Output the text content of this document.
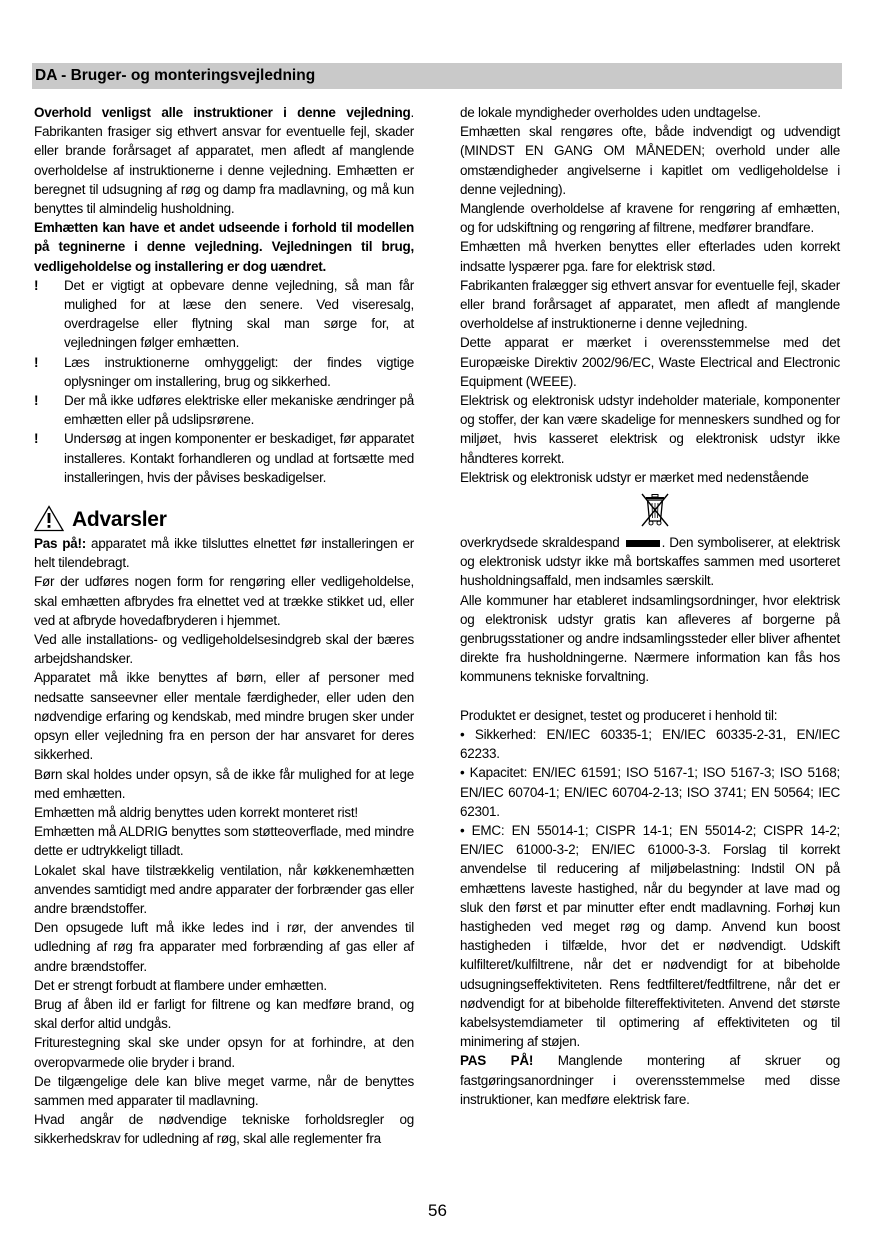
DA - Bruger- og monteringsvejledning

Overhold venligst alle instruktioner i denne vejledning. Fabrikanten frasiger sig ethvert ansvar for eventuelle fejl, skader eller brande forårsaget af apparatet, men afledt af manglende overholdelse af instruktionerne i denne vejledning. Emhætten er beregnet til udsugning af røg og damp fra madlavning, og må kun benyttes til almindelig husholdning.

Emhætten kan have et andet udseende i forhold til modellen på tegninerne i denne vejledning. Vejledningen til brug, vedligeholdelse og installering er dog uændret.

!	Det er vigtigt at opbevare denne vejledning, så man får mulighed for at læse den senere. Ved viseresalg, overdragelse eller flytning skal man sørge for, at vejledningen følger emhætten.
!	Læs instruktionerne omhyggeligt: der findes vigtige oplysninger om installering, brug og sikkerhed.
!	Der må ikke udføres elektriske eller mekaniske ændringer på emhætten eller på udslipsrørene.
!	Undersøg at ingen komponenter er beskadiget, før apparatet installeres. Kontakt forhandleren og undlad at fortsætte med installeringen, hvis der påvises beskadigelser.
Advarsler

Pas på!: apparatet må ikke tilsluttes elnettet før installeringen er helt tilendebragt.

Før der udføres nogen form for rengøring eller vedligeholdelse, skal emhætten afbrydes fra elnettet ved at trække stikket ud, eller ved at afbryde hovedafbryderen i hjemmet.

Ved alle installations- og vedligeholdelsesindgreb skal der bæres arbejdshandsker.

Apparatet må ikke benyttes af børn, eller af personer med nedsatte sanseevner eller mentale færdigheder, eller uden den nødvendige erfaring og kendskab, med mindre brugen sker under opsyn eller vejledning fra en person der har ansvaret for deres sikkerhed.

Børn skal holdes under opsyn, så de ikke får mulighed for at lege med emhætten.

Emhætten må aldrig benyttes uden korrekt monteret rist!

Emhætten må ALDRIG benyttes som støtteoverflade, med mindre dette er udtrykkeligt tilladt.

Lokalet skal have tilstrækkelig ventilation, når køkkenemhætten anvendes samtidigt med andre apparater der forbrænder gas eller andre brændstoffer.

Den opsugede luft må ikke ledes ind i rør, der anvendes til udledning af røg fra apparater med forbrænding af gas eller af andre brændstoffer.

Det er strengt forbudt at flambere under emhætten.

Brug af åben ild er farligt for filtrene og kan medføre brand, og skal derfor altid undgås.

Friturestegning skal ske under opsyn for at forhindre, at den overopvarmede olie bryder i brand.

De tilgængelige dele kan blive meget varme, når de benyttes sammen med apparater til madlavning.

Hvad angår de nødvendige tekniske forholdsregler og sikkerhedskrav for udledning af røg, skal alle reglementer fra

de lokale myndigheder overholdes uden undtagelse.

Emhætten skal rengøres ofte, både indvendigt og udvendigt (MINDST EN GANG OM MÅNEDEN; overhold under alle omstændigheder angivelserne i kapitlet om vedligeholdelse i denne vejledning).

Manglende overholdelse af kravene for rengøring af emhætten, og for udskiftning og rengøring af filtrene, medfører brandfare.

Emhætten må hverken benyttes eller efterlades uden korrekt indsatte lyspærer pga. fare for elektrisk stød.

Fabrikanten fralægger sig ethvert ansvar for eventuelle fejl, skader eller brand forårsaget af apparatet, men afledt af manglende overholdelse af instruktionerne i denne vejledning.

Dette apparat er mærket i overensstemmelse med det Europæiske Direktiv 2002/96/EC, Waste Electrical and Electronic Equipment (WEEE).

Elektrisk og elektronisk udstyr indeholder materiale, komponenter og stoffer, der kan være skadelige for menneskers sundhed og for miljøet, hvis kasseret elektrisk og elektronisk udstyr ikke håndteres korrekt.

Elektrisk og elektronisk udstyr er mærket med nedenstående

overkrydsede skraldespand	. Den symboliserer, at elektrisk og elektronisk udstyr ikke må bortskaffes sammen med usorteret husholdningsaffald, men indsamles særskilt.

Alle kommuner har etableret indsamlingsordninger, hvor elektrisk og elektronisk udstyr gratis kan afleveres af borgerne på genbrugsstationer og andre indsamlingssteder eller bliver afhentet direkte fra husholdningerne. Nærmere information kan fås hos kommunens tekniske forvaltning.

Produktet er designet, testet og produceret i henhold til:

• Sikkerhed: EN/IEC 60335-1; EN/IEC 60335-2-31, EN/IEC 62233.

• Kapacitet: EN/IEC 61591; ISO 5167-1; ISO 5167-3; ISO 5168; EN/IEC 60704-1; EN/IEC 60704-2-13; ISO 3741; EN 50564; IEC 62301.

• EMC: EN 55014-1; CISPR 14-1; EN 55014-2; CISPR 14-2; EN/IEC 61000-3-2; EN/IEC 61000-3-3. Forslag til korrekt anvendelse til reducering af miljøbelastning: Indstil ON på emhættens laveste hastighed, når du begynder at lave mad og sluk den først et par minutter efter endt madlavning. Forhøj kun hastigheden ved meget røg og damp. Anvend kun boost hastigheden i tilfælde, hvor det er nødvendigt. Udskift kulfilteret/kulfiltrene, når det er nødvendigt for at bibeholde udsugningseffektiviteten. Rens fedtfilteret/fedtfiltrene, når det er nødvendigt for at bibeholde filtereffektiviteten. Anvend det største kabelsystemdiameter til optimering af effektiviteten og til minimering af støjen.

PAS PÅ! Manglende montering af skruer og fastgøringsanordninger i overensstemmelse med disse instruktioner, kan medføre elektrisk fare.

56
